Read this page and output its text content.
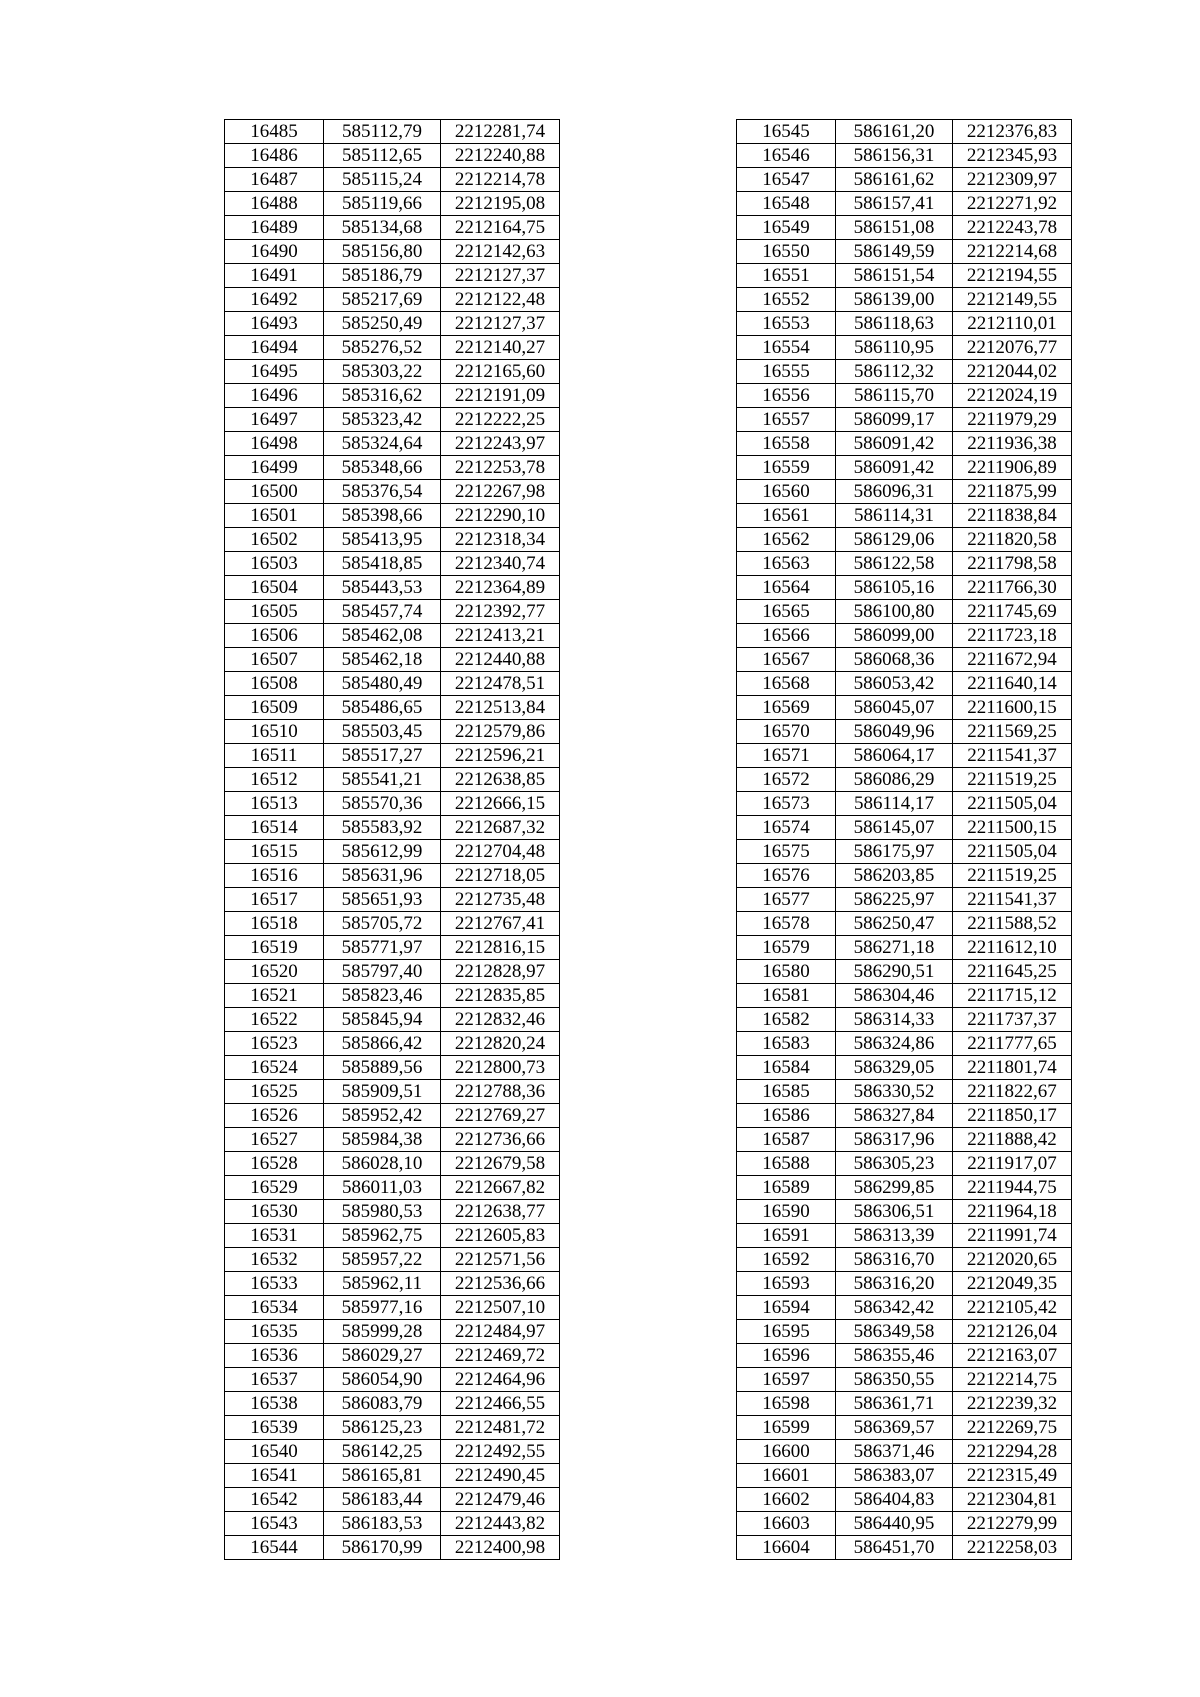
16485	585112,79	2212281,74
16486	585112,65	2212240,88
16487	585115,24	2212214,78
16488	585119,66	2212195,08
16489	585134,68	2212164,75
16490	585156,80	2212142,63
16491	585186,79	2212127,37
16492	585217,69	2212122,48
16493	585250,49	2212127,37
16494	585276,52	2212140,27
16495	585303,22	2212165,60
16496	585316,62	2212191,09
16497	585323,42	2212222,25
16498	585324,64	2212243,97
16499	585348,66	2212253,78
16500	585376,54	2212267,98
16501	585398,66	2212290,10
16502	585413,95	2212318,34
16503	585418,85	2212340,74
16504	585443,53	2212364,89
16505	585457,74	2212392,77
16506	585462,08	2212413,21
16507	585462,18	2212440,88
16508	585480,49	2212478,51
16509	585486,65	2212513,84
16510	585503,45	2212579,86
16511	585517,27	2212596,21
16512	585541,21	2212638,85
16513	585570,36	2212666,15
16514	585583,92	2212687,32
16515	585612,99	2212704,48
16516	585631,96	2212718,05
16517	585651,93	2212735,48
16518	585705,72	2212767,41
16519	585771,97	2212816,15
16520	585797,40	2212828,97
16521	585823,46	2212835,85
16522	585845,94	2212832,46
16523	585866,42	2212820,24
16524	585889,56	2212800,73
16525	585909,51	2212788,36
16526	585952,42	2212769,27
16527	585984,38	2212736,66
16528	586028,10	2212679,58
16529	586011,03	2212667,82
16530	585980,53	2212638,77
16531	585962,75	2212605,83
16532	585957,22	2212571,56
16533	585962,11	2212536,66
16534	585977,16	2212507,10
16535	585999,28	2212484,97
16536	586029,27	2212469,72
16537	586054,90	2212464,96
16538	586083,79	2212466,55
16539	586125,23	2212481,72
16540	586142,25	2212492,55
16541	586165,81	2212490,45
16542	586183,44	2212479,46
16543	586183,53	2212443,82
16544	586170,99	2212400,98
16545	586161,20	2212376,83
16546	586156,31	2212345,93
16547	586161,62	2212309,97
16548	586157,41	2212271,92
16549	586151,08	2212243,78
16550	586149,59	2212214,68
16551	586151,54	2212194,55
16552	586139,00	2212149,55
16553	586118,63	2212110,01
16554	586110,95	2212076,77
16555	586112,32	2212044,02
16556	586115,70	2212024,19
16557	586099,17	2211979,29
16558	586091,42	2211936,38
16559	586091,42	2211906,89
16560	586096,31	2211875,99
16561	586114,31	2211838,84
16562	586129,06	2211820,58
16563	586122,58	2211798,58
16564	586105,16	2211766,30
16565	586100,80	2211745,69
16566	586099,00	2211723,18
16567	586068,36	2211672,94
16568	586053,42	2211640,14
16569	586045,07	2211600,15
16570	586049,96	2211569,25
16571	586064,17	2211541,37
16572	586086,29	2211519,25
16573	586114,17	2211505,04
16574	586145,07	2211500,15
16575	586175,97	2211505,04
16576	586203,85	2211519,25
16577	586225,97	2211541,37
16578	586250,47	2211588,52
16579	586271,18	2211612,10
16580	586290,51	2211645,25
16581	586304,46	2211715,12
16582	586314,33	2211737,37
16583	586324,86	2211777,65
16584	586329,05	2211801,74
16585	586330,52	2211822,67
16586	586327,84	2211850,17
16587	586317,96	2211888,42
16588	586305,23	2211917,07
16589	586299,85	2211944,75
16590	586306,51	2211964,18
16591	586313,39	2211991,74
16592	586316,70	2212020,65
16593	586316,20	2212049,35
16594	586342,42	2212105,42
16595	586349,58	2212126,04
16596	586355,46	2212163,07
16597	586350,55	2212214,75
16598	586361,71	2212239,32
16599	586369,57	2212269,75
16600	586371,46	2212294,28
16601	586383,07	2212315,49
16602	586404,83	2212304,81
16603	586440,95	2212279,99
16604	586451,70	2212258,03
